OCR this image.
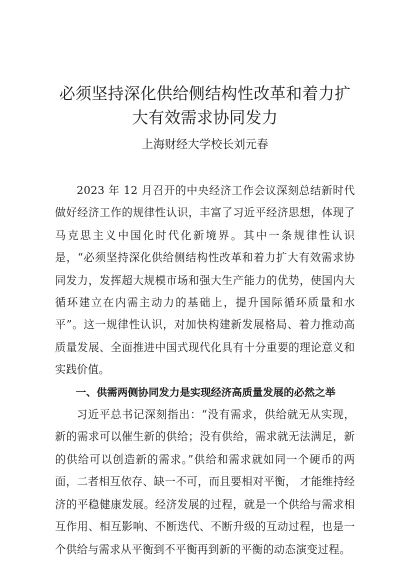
必须坚持深化供给侧结构性改革和着力扩大有效需求协同发力

上海财经大学校长刘元春

2023 年 12 月召开的中央经济工作会议深刻总结新时代做好经济工作的规律性认识，丰富了习近平经济思想，体现了马克思主义中国化时代化新境界。其中一条规律性认识是，“必须坚持深化供给侧结构性改革和着力扩大有效需求协同发力，发挥超大规模市场和强大生产能力的优势，使国内大循环建立在内需主动力的基础上，提升国际循环质量和水平”。这一规律性认识，对加快构建新发展格局、着力推动高质量发展、全面推进中国式现代化具有十分重要的理论意义和实践价值。

一、供需两侧协同发力是实现经济高质量发展的必然之举

习近平总书记深刻指出：“没有需求，供给就无从实现，新的需求可以催生新的供给；没有供给，需求就无法满足，新的供给可以创造新的需求。”供给和需求就如同一个硬币的两面，二者相互依存、缺一不可，而且要相对平衡， 才能维持经济的平稳健康发展。经济发展的过程，就是一个供给与需求相互作用、相互影响、不断迭代、不断升级的互动过程，也是一个供给与需求从平衡到不平衡再到新的平衡的动态演变过程。
